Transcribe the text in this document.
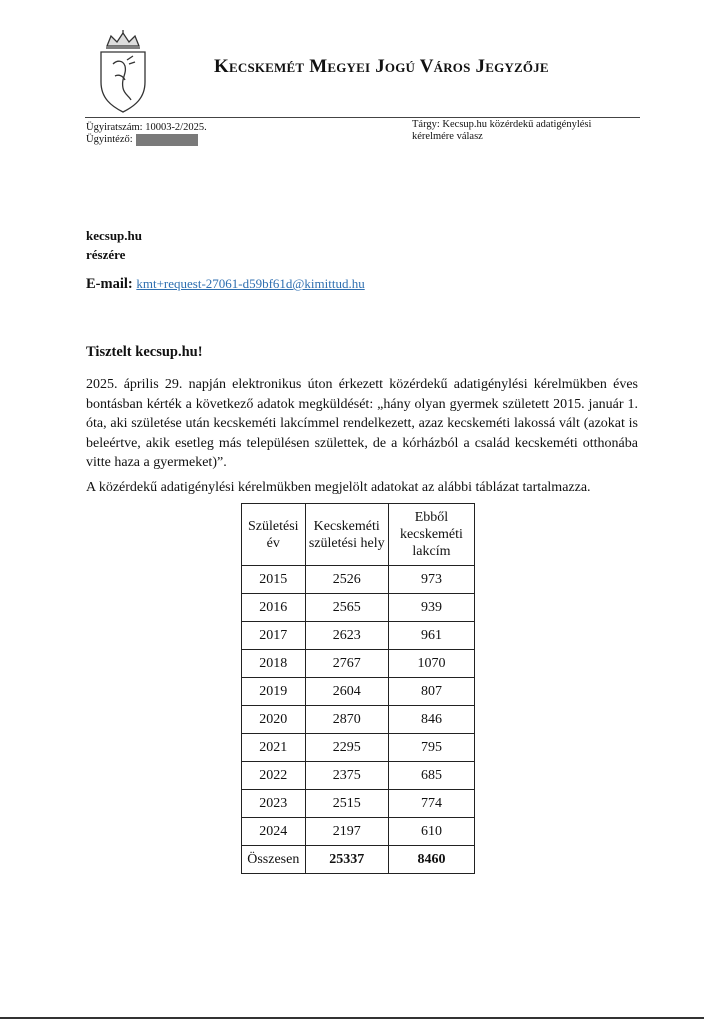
Kecskemét Megyei Jogú Város Jegyzője
Ügyiratszám: 10003-2/2025.
Ügyintéző:
Tárgy: Kecsup.hu közérdekű adatigénylési
kérelmére válasz
kecsup.hu
részére
E-mail: kmt+request-27061-d59bf61d@kimittud.hu
Tisztelt kecsup.hu!
2025. április 29. napján elektronikus úton érkezett közérdekű adatigénylési kérelmükben éves bontásban kérték a következő adatok megküldését: „hány olyan gyermek született 2015. január 1. óta, aki születése után kecskeméti lakcímmel rendelkezett, azaz kecskeméti lakossá vált (azokat is beleértve, akik esetleg más településen születtek, de a kórházból a család kecskeméti otthonába vitte haza a gyermeket)”.
A közérdekű adatigénylési kérelmükben megjelölt adatokat az alábbi táblázat tartalmazza.
Születési év	Kecskeméti születési hely	Ebből kecskeméti lakcím
2015	2526	973
2016	2565	939
2017	2623	961
2018	2767	1070
2019	2604	807
2020	2870	846
2021	2295	795
2022	2375	685
2023	2515	774
2024	2197	610
Összesen	25337	8460
